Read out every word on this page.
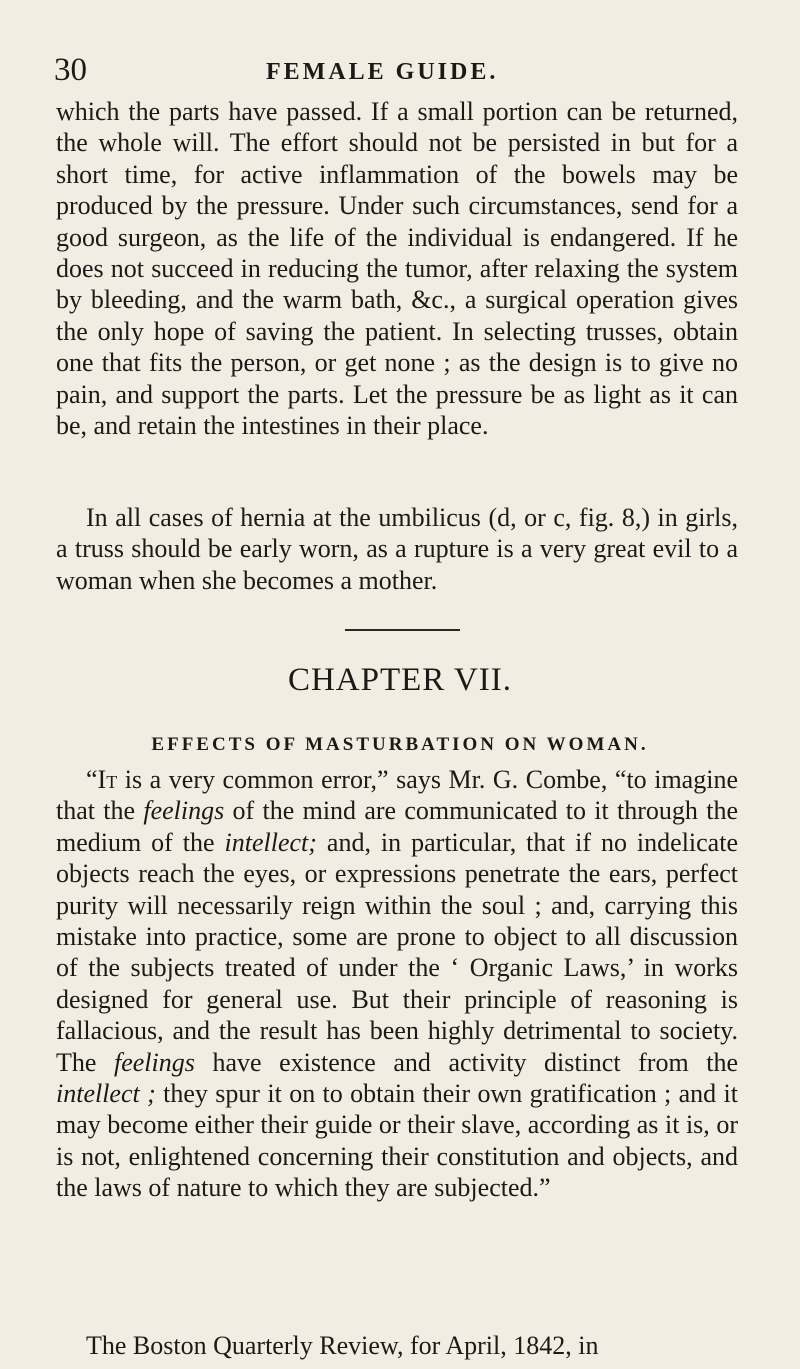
30	FEMALE GUIDE.

which the parts have passed. If a small portion can be returned, the whole will. The effort should not be persisted in but for a short time, for active inflammation of the bowels may be produced by the pressure. Under such circumstances, send for a good surgeon, as the life of the individual is endangered. If he does not succeed in reducing the tumor, after relaxing the system by bleeding, and the warm bath, &c., a surgical operation gives the only hope of saving the patient. In selecting trusses, obtain one that fits the person, or get none ; as the design is to give no pain, and support the parts. Let the pressure be as light as it can be, and retain the intestines in their place.

In all cases of hernia at the umbilicus (d, or c, fig. 8,) in girls, a truss should be early worn, as a rupture is a very great evil to a woman when she becomes a mother.

CHAPTER VII.
EFFECTS OF MASTURBATION ON WOMAN.

“It is a very common error,” says Mr. G. Combe, “to imagine that the feelings of the mind are communicated to it through the medium of the intellect; and, in particular, that if no indelicate objects reach the eyes, or expressions penetrate the ears, perfect purity will necessarily reign within the soul ; and, carrying this mistake into practice, some are prone to object to all discussion of the subjects treated of under the ‘ Organic Laws,’ in works designed for general use. But their principle of reasoning is fallacious, and the result has been highly detrimental to society. The feelings have existence and activity distinct from the intellect ; they spur it on to obtain their own gratification ; and it may become either their guide or their slave, according as it is, or is not, enlightened concerning their constitution and objects, and the laws of nature to which they are subjected.”

The Boston Quarterly Review, for April, 1842, in
